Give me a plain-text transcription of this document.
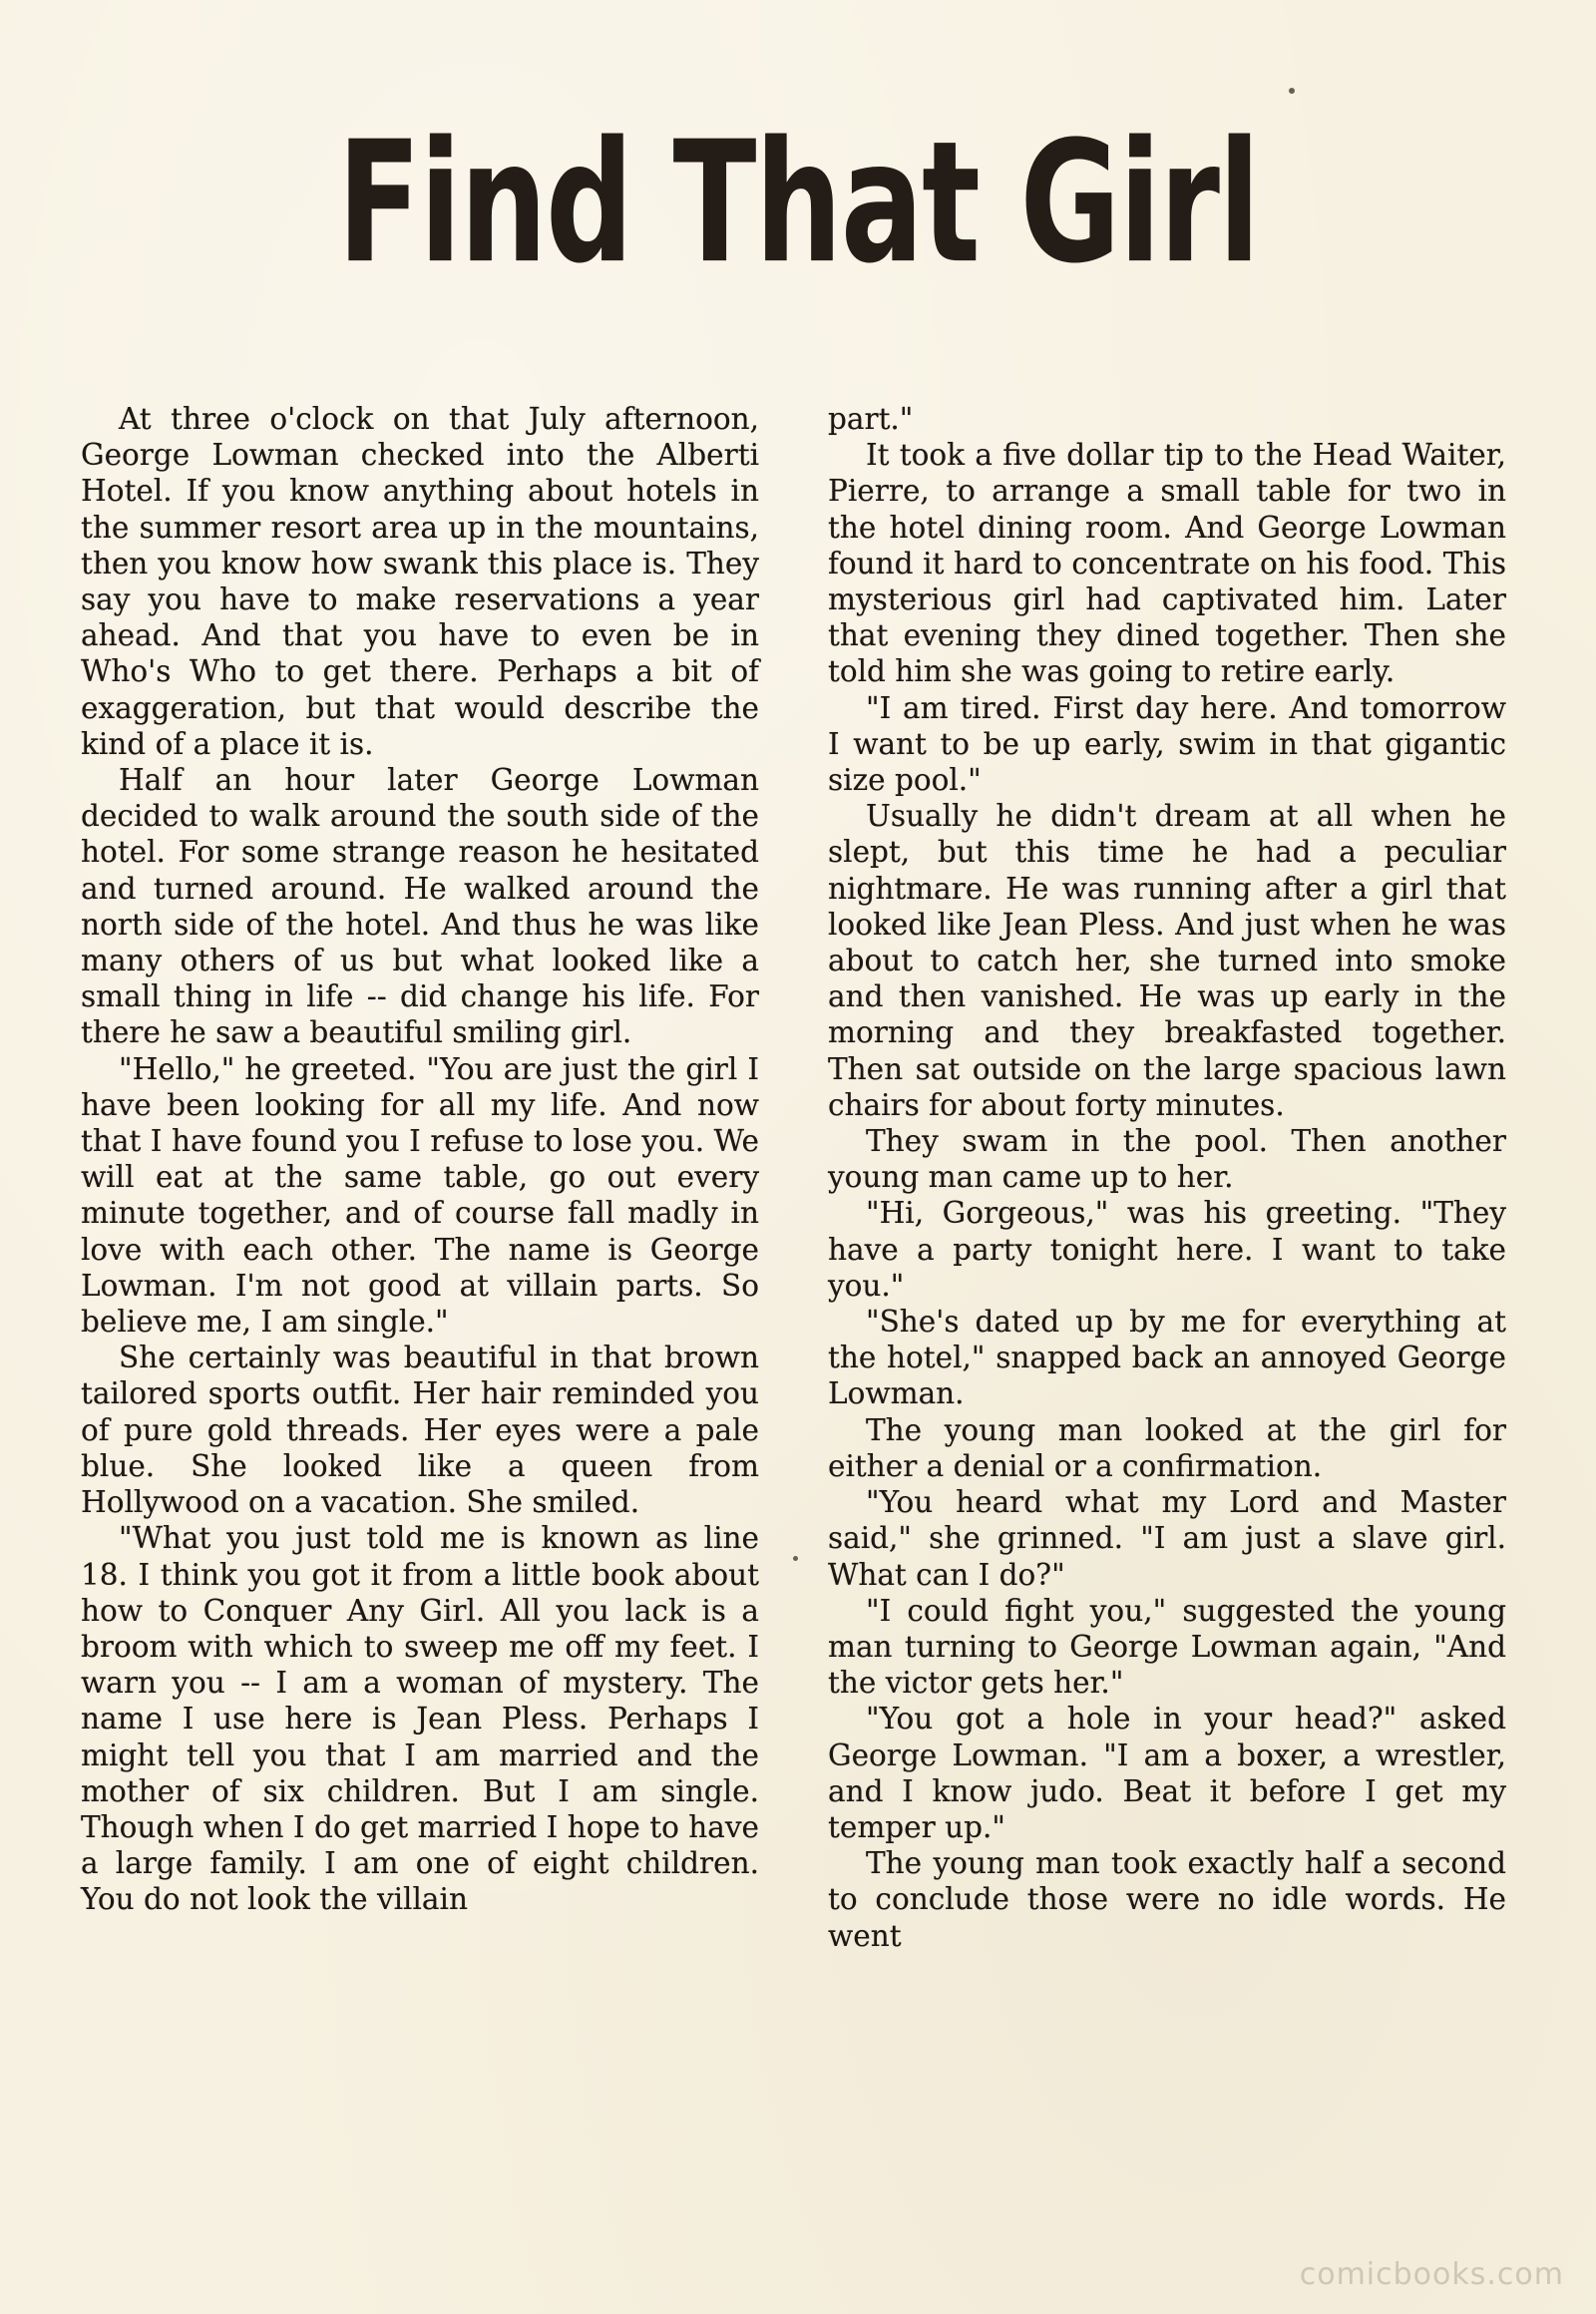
Find That Girl

At three o'clock on that July afternoon, George Lowman checked into the Alberti Hotel. If you know anything about hotels in the summer resort area up in the mountains, then you know how swank this place is. They say you have to make reservations a year ahead. And that you have to even be in Who's Who to get there. Perhaps a bit of exaggeration, but that would describe the kind of a place it is.

Half an hour later George Lowman decided to walk around the south side of the hotel. For some strange reason he hesitated and turned around. He walked around the north side of the hotel. And thus he was like many others of us but what looked like a small thing in life -- did change his life. For there he saw a beautiful smiling girl.

"Hello," he greeted. "You are just the girl I have been looking for all my life. And now that I have found you I refuse to lose you. We will eat at the same table, go out every minute together, and of course fall madly in love with each other. The name is George Lowman. I'm not good at villain parts. So believe me, I am single."

She certainly was beautiful in that brown tailored sports outfit. Her hair reminded you of pure gold threads. Her eyes were a pale blue. She looked like a queen from Hollywood on a vacation. She smiled.

"What you just told me is known as line 18. I think you got it from a little book about how to Conquer Any Girl. All you lack is a broom with which to sweep me off my feet. I warn you -- I am a woman of mystery. The name I use here is Jean Pless. Perhaps I might tell you that I am married and the mother of six children. But I am single. Though when I do get married I hope to have a large family. I am one of eight children. You do not look the villain

part."

It took a five dollar tip to the Head Waiter, Pierre, to arrange a small table for two in the hotel dining room. And George Lowman found it hard to concentrate on his food. This mysterious girl had captivated him. Later that evening they dined together. Then she told him she was going to retire early.

"I am tired. First day here. And tomorrow I want to be up early, swim in that gigantic size pool."

Usually he didn't dream at all when he slept, but this time he had a peculiar nightmare. He was running after a girl that looked like Jean Pless. And just when he was about to catch her, she turned into smoke and then vanished. He was up early in the morning and they breakfasted together. Then sat outside on the large spacious lawn chairs for about forty minutes.

They swam in the pool. Then another young man came up to her.

"Hi, Gorgeous," was his greeting. "They have a party tonight here. I want to take you."

"She's dated up by me for everything at the hotel," snapped back an annoyed George Lowman.

The young man looked at the girl for either a denial or a confirmation.

"You heard what my Lord and Master said," she grinned. "I am just a slave girl. What can I do?"

"I could fight you," suggested the young man turning to George Lowman again, "And the victor gets her."

"You got a hole in your head?" asked George Lowman. "I am a boxer, a wrestler, and I know judo. Beat it before I get my temper up."

The young man took exactly half a second to conclude those were no idle words. He went

comicbooks.com
